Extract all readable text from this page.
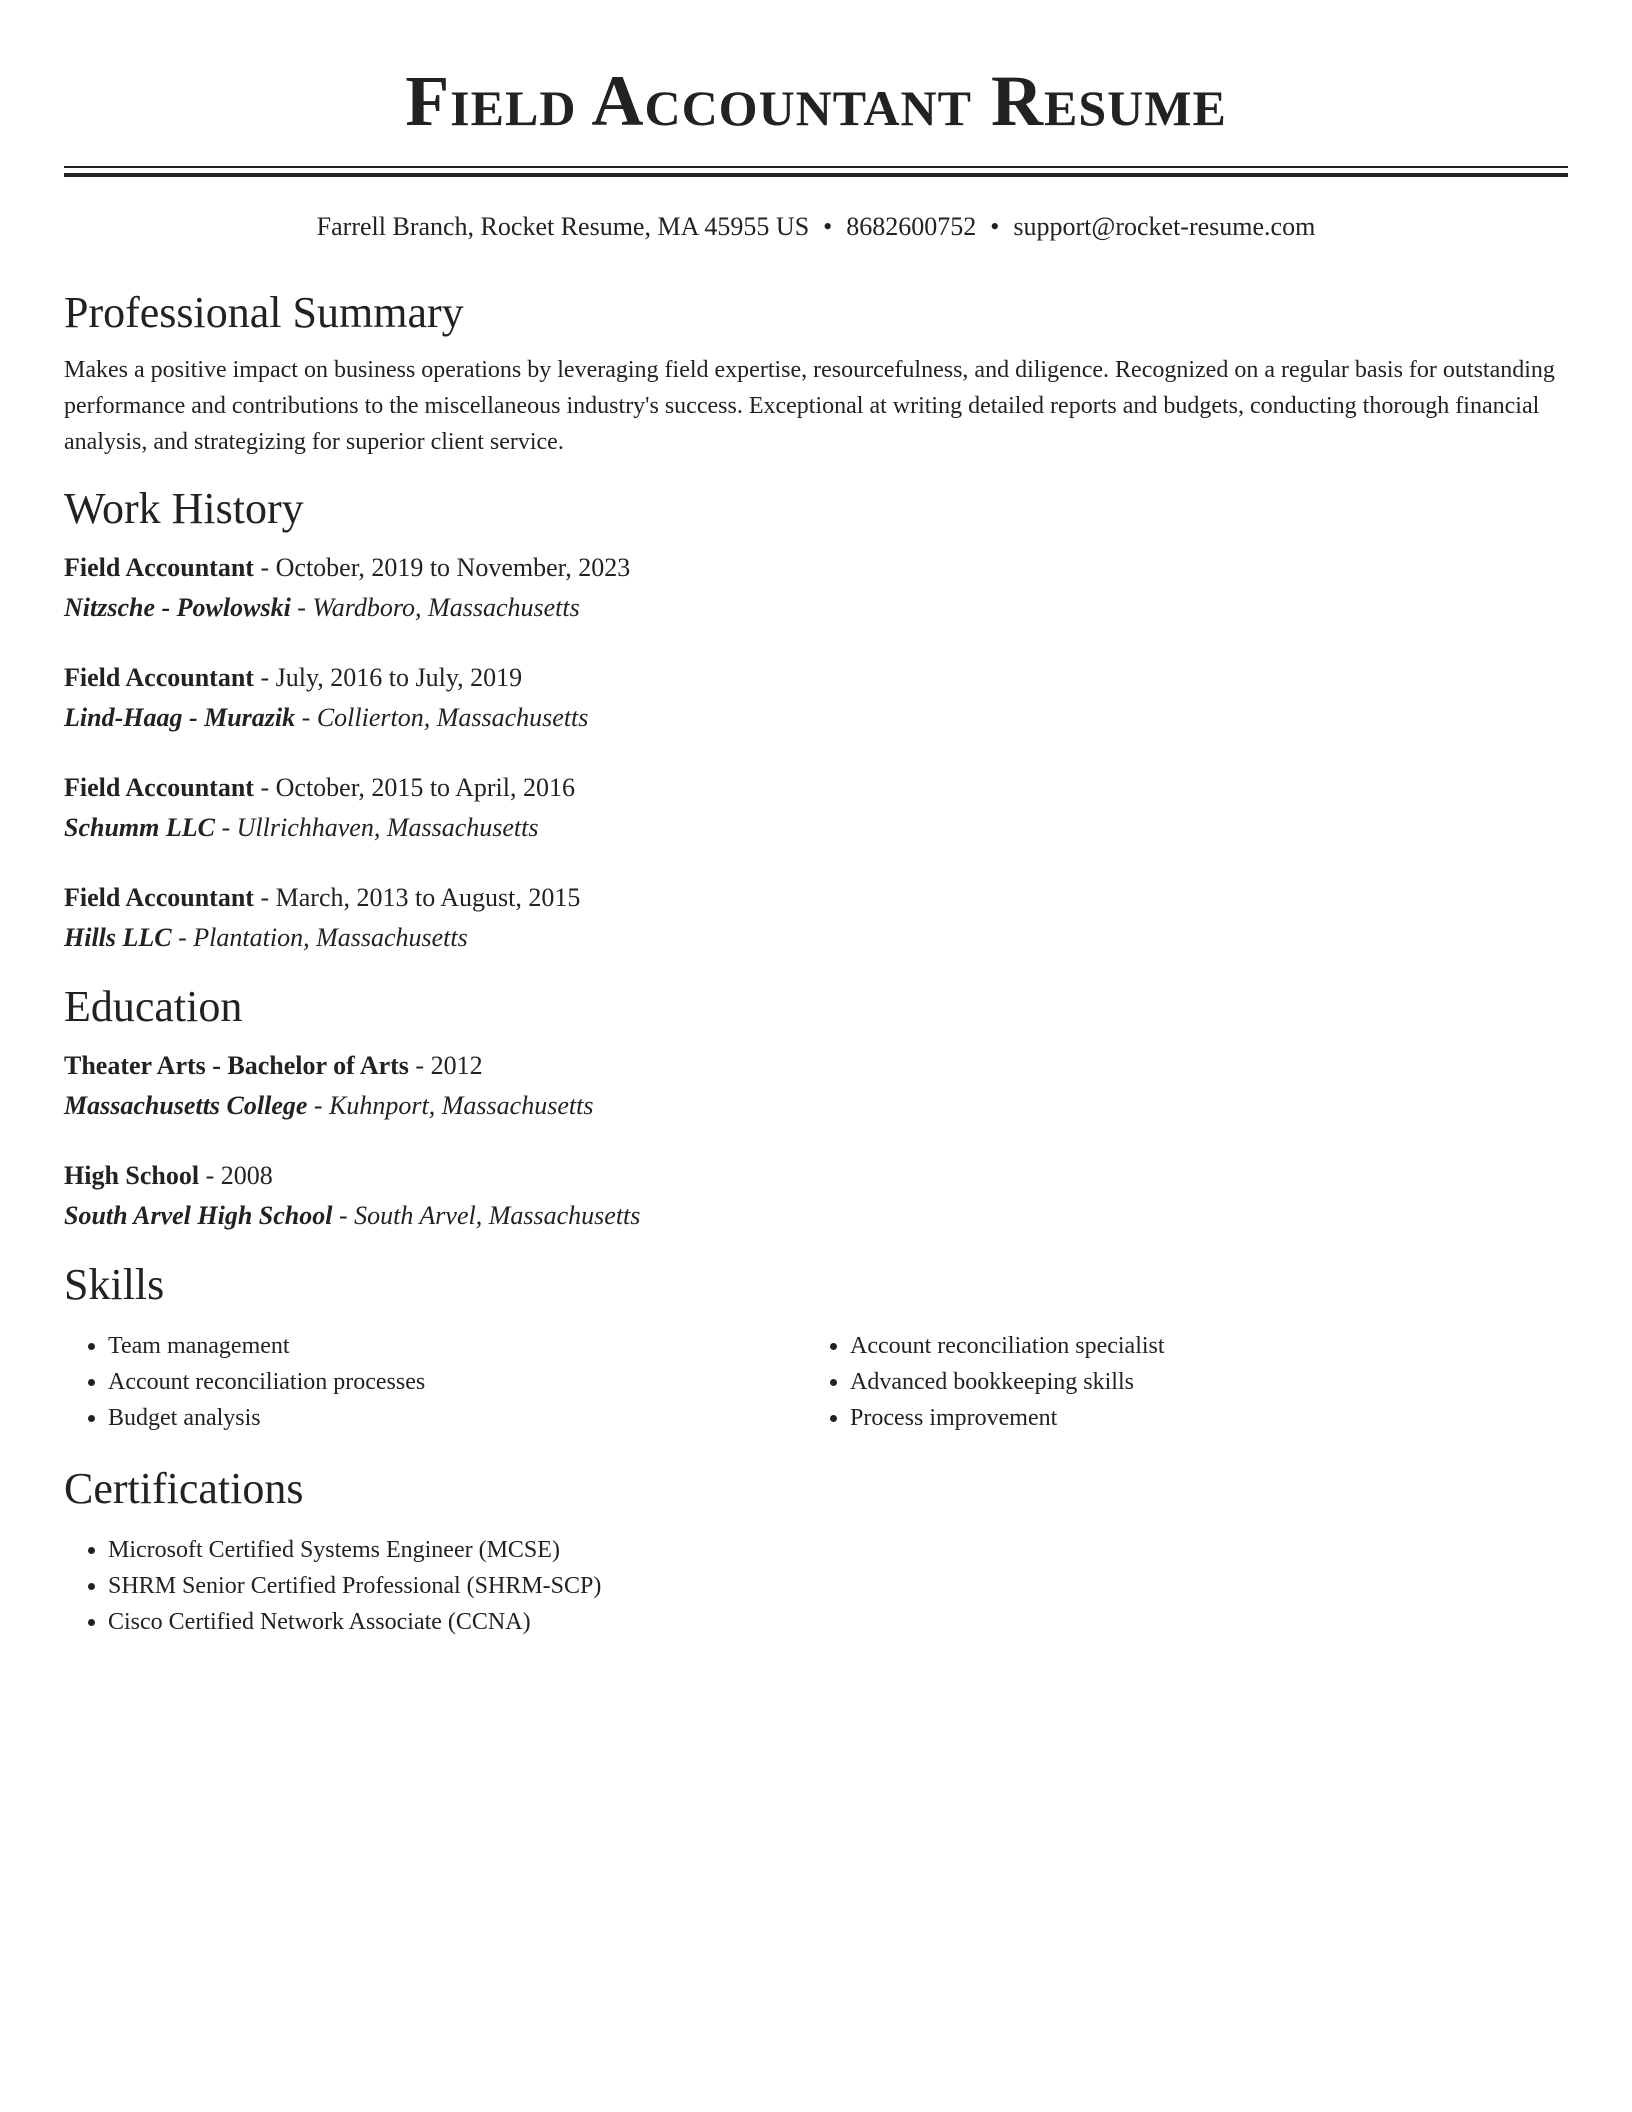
Field Accountant Resume
Farrell Branch, Rocket Resume, MA 45955 US • 8682600752 • support@rocket-resume.com
Professional Summary

Makes a positive impact on business operations by leveraging field expertise, resourcefulness, and diligence. Recognized on a regular basis for outstanding performance and contributions to the miscellaneous industry's success. Exceptional at writing detailed reports and budgets, conducting thorough financial analysis, and strategizing for superior client service.

Work History
Field Accountant - October, 2019 to November, 2023
Nitzsche - Powlowski - Wardboro, Massachusetts
Field Accountant - July, 2016 to July, 2019
Lind-Haag - Murazik - Collierton, Massachusetts
Field Accountant - October, 2015 to April, 2016
Schumm LLC - Ullrichhaven, Massachusetts
Field Accountant - March, 2013 to August, 2015
Hills LLC - Plantation, Massachusetts
Education
Theater Arts - Bachelor of Arts - 2012
Massachusetts College - Kuhnport, Massachusetts
High School - 2008
South Arvel High School - South Arvel, Massachusetts
Skills
• Team management
• Account reconciliation processes
• Budget analysis
• Account reconciliation specialist
• Advanced bookkeeping skills
• Process improvement
Certifications
• Microsoft Certified Systems Engineer (MCSE)
• SHRM Senior Certified Professional (SHRM-SCP)
• Cisco Certified Network Associate (CCNA)
